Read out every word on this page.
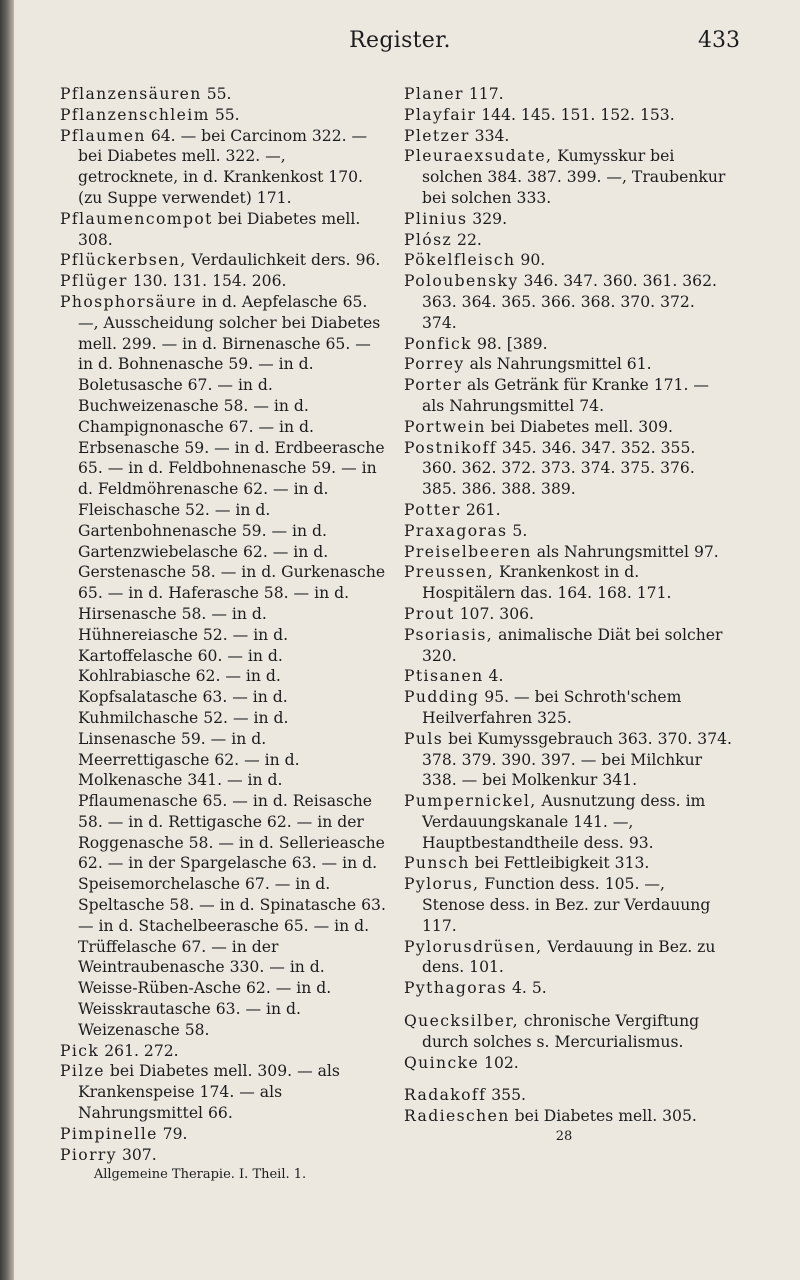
Register.	433

Pflanzensäuren 55.

Pflanzenschleim 55.

Pflaumen 64. — bei Carcinom 322. — bei Diabetes mell. 322. —, getrocknete, in d. Krankenkost 170. (zu Suppe verwendet) 171.

Pflaumencompot bei Diabetes mell. 308.

Pflückerbsen, Verdaulichkeit ders. 96.

Pflüger 130. 131. 154. 206.

Phosphorsäure in d. Aepfelasche 65. —, Ausscheidung solcher bei Diabetes mell. 299. — in d. Birnenasche 65. — in d. Bohnenasche 59. — in d. Boletusasche 67. — in d. Buchweizenasche 58. — in d. Champignonasche 67. — in d. Erbsenasche 59. — in d. Erdbeerasche 65. — in d. Feldbohnenasche 59. — in d. Feldmöhrenasche 62. — in d. Fleischasche 52. — in d. Gartenbohnenasche 59. — in d. Gartenzwiebelasche 62. — in d. Gerstenasche 58. — in d. Gurkenasche 65. — in d. Haferasche 58. — in d. Hirsenasche 58. — in d. Hühnereiasche 52. — in d. Kartoffelasche 60. — in d. Kohlrabiasche 62. — in d. Kopfsalatasche 63. — in d. Kuhmilchasche 52. — in d. Linsenasche 59. — in d. Meerrettigasche 62. — in d. Molkenasche 341. — in d. Pflaumenasche 65. — in d. Reisasche 58. — in d. Rettigasche 62. — in der Roggenasche 58. — in d. Sellerieasche 62. — in der Spargelasche 63. — in d. Speisemorchelasche 67. — in d. Speltasche 58. — in d. Spinatasche 63. — in d. Stachelbeerasche 65. — in d. Trüffelasche 67. — in der Weintraubenasche 330. — in d. Weisse-Rüben-Asche 62. — in d. Weisskrautasche 63. — in d. Weizenasche 58.

Pick 261. 272.

Pilze bei Diabetes mell. 309. — als Krankenspeise 174. — als Nahrungsmittel 66.

Pimpinelle 79.

Piorry 307.

Allgemeine Therapie. I. Theil. 1.

Planer 117.

Playfair 144. 145. 151. 152. 153.

Pletzer 334.

Pleuraexsudate, Kumysskur bei solchen 384. 387. 399. —, Traubenkur bei solchen 333.

Plinius 329.

Plósz 22.

Pökelfleisch 90.

Poloubensky 346. 347. 360. 361. 362. 363. 364. 365. 366. 368. 370. 372. 374.

Ponfick 98. [389.

Porrey als Nahrungsmittel 61.

Porter als Getränk für Kranke 171. — als Nahrungsmittel 74.

Portwein bei Diabetes mell. 309.

Postnikoff 345. 346. 347. 352. 355. 360. 362. 372. 373. 374. 375. 376. 385. 386. 388. 389.

Potter 261.

Praxagoras 5.

Preiselbeeren als Nahrungsmittel 97.

Preussen, Krankenkost in d. Hospitälern das. 164. 168. 171.

Prout 107. 306.

Psoriasis, animalische Diät bei solcher 320.

Ptisanen 4.

Pudding 95. — bei Schroth'schem Heilverfahren 325.

Puls bei Kumyssgebrauch 363. 370. 374. 378. 379. 390. 397. — bei Milchkur 338. — bei Molkenkur 341.

Pumpernickel, Ausnutzung dess. im Verdauungskanale 141. —, Hauptbestandtheile dess. 93.

Punsch bei Fettleibigkeit 313.

Pylorus, Function dess. 105. —, Stenose dess. in Bez. zur Verdauung 117.

Pylorusdrüsen, Verdauung in Bez. zu dens. 101.

Pythagoras 4. 5.

Quecksilber, chronische Vergiftung durch solches s. Mercurialismus.

Quincke 102.

Radakoff 355.

Radieschen bei Diabetes mell. 305.

28
